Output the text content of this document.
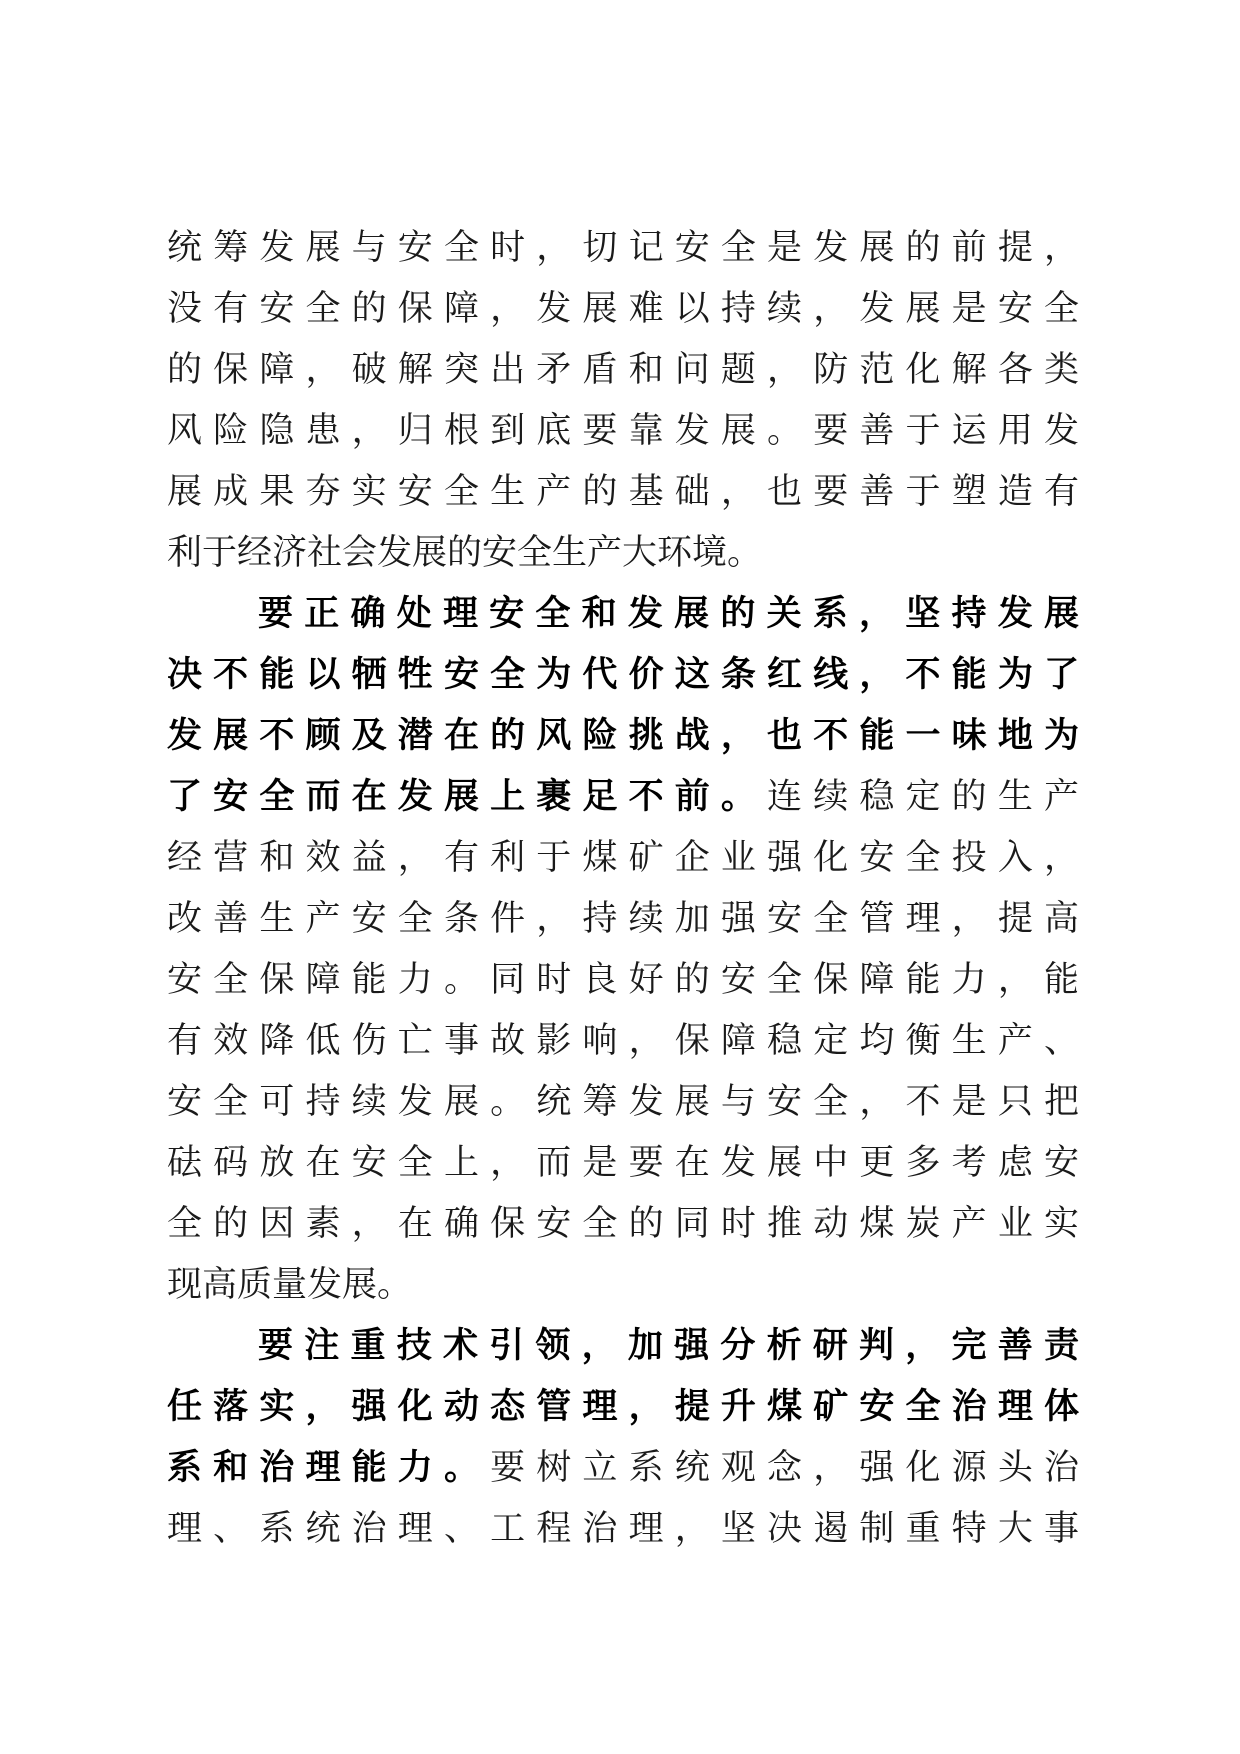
统筹发展与安全时，切记安全是发展的前提，
没有安全的保障，发展难以持续，发展是安全
的保障，破解突出矛盾和问题，防范化解各类
风险隐患，归根到底要靠发展。要善于运用发
展成果夯实安全生产的基础，也要善于塑造有
利于经济社会发展的安全生产大环境。
要正确处理安全和发展的关系，坚持发展
决不能以牺牲安全为代价这条红线，不能为了
发展不顾及潜在的风险挑战，也不能一味地为
了安全而在发展上裹足不前。连续稳定的生产
经营和效益，有利于煤矿企业强化安全投入，
改善生产安全条件，持续加强安全管理，提高
安全保障能力。同时良好的安全保障能力，能
有效降低伤亡事故影响，保障稳定均衡生产、
安全可持续发展。统筹发展与安全，不是只把
砝码放在安全上，而是要在发展中更多考虑安
全的因素，在确保安全的同时推动煤炭产业实
现高质量发展。
要注重技术引领，加强分析研判，完善责
任落实，强化动态管理，提升煤矿安全治理体
系和治理能力。要树立系统观念，强化源头治
理、系统治理、工程治理，坚决遏制重特大事
